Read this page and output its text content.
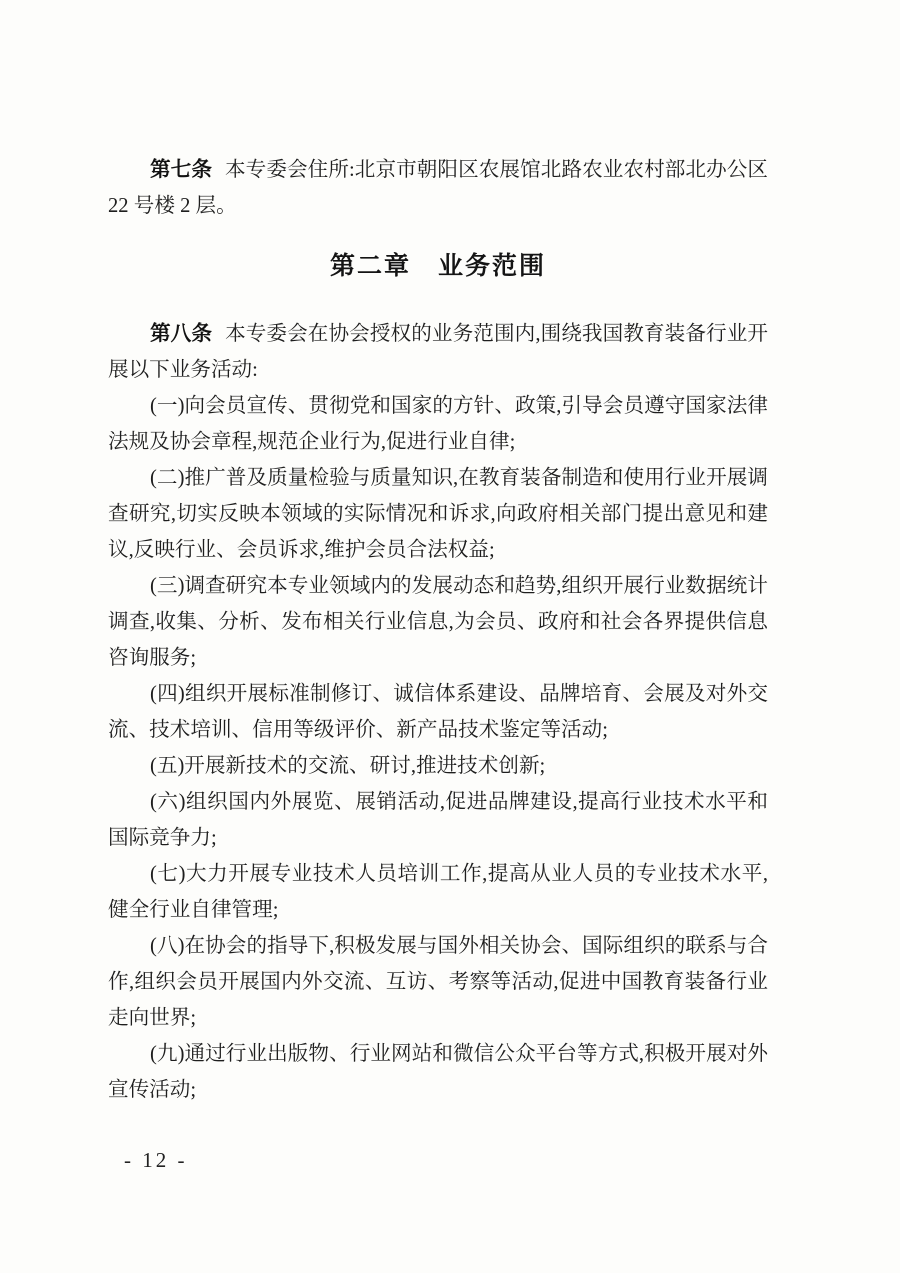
第七条 本专委会住所:北京市朝阳区农展馆北路农业农村部北办公区 22 号楼 2 层。

第二章　业务范围

第八条 本专委会在协会授权的业务范围内,围绕我国教育装备行业开展以下业务活动:

(一)向会员宣传、贯彻党和国家的方针、政策,引导会员遵守国家法律法规及协会章程,规范企业行为,促进行业自律;

(二)推广普及质量检验与质量知识,在教育装备制造和使用行业开展调查研究,切实反映本领域的实际情况和诉求,向政府相关部门提出意见和建议,反映行业、会员诉求,维护会员合法权益;

(三)调查研究本专业领域内的发展动态和趋势,组织开展行业数据统计调查,收集、分析、发布相关行业信息,为会员、政府和社会各界提供信息咨询服务;

(四)组织开展标准制修订、诚信体系建设、品牌培育、会展及对外交流、技术培训、信用等级评价、新产品技术鉴定等活动;

(五)开展新技术的交流、研讨,推进技术创新;

(六)组织国内外展览、展销活动,促进品牌建设,提高行业技术水平和国际竞争力;

(七)大力开展专业技术人员培训工作,提高从业人员的专业技术水平,健全行业自律管理;

(八)在协会的指导下,积极发展与国外相关协会、国际组织的联系与合作,组织会员开展国内外交流、互访、考察等活动,促进中国教育装备行业走向世界;

(九)通过行业出版物、行业网站和微信公众平台等方式,积极开展对外宣传活动;

- 12 -
